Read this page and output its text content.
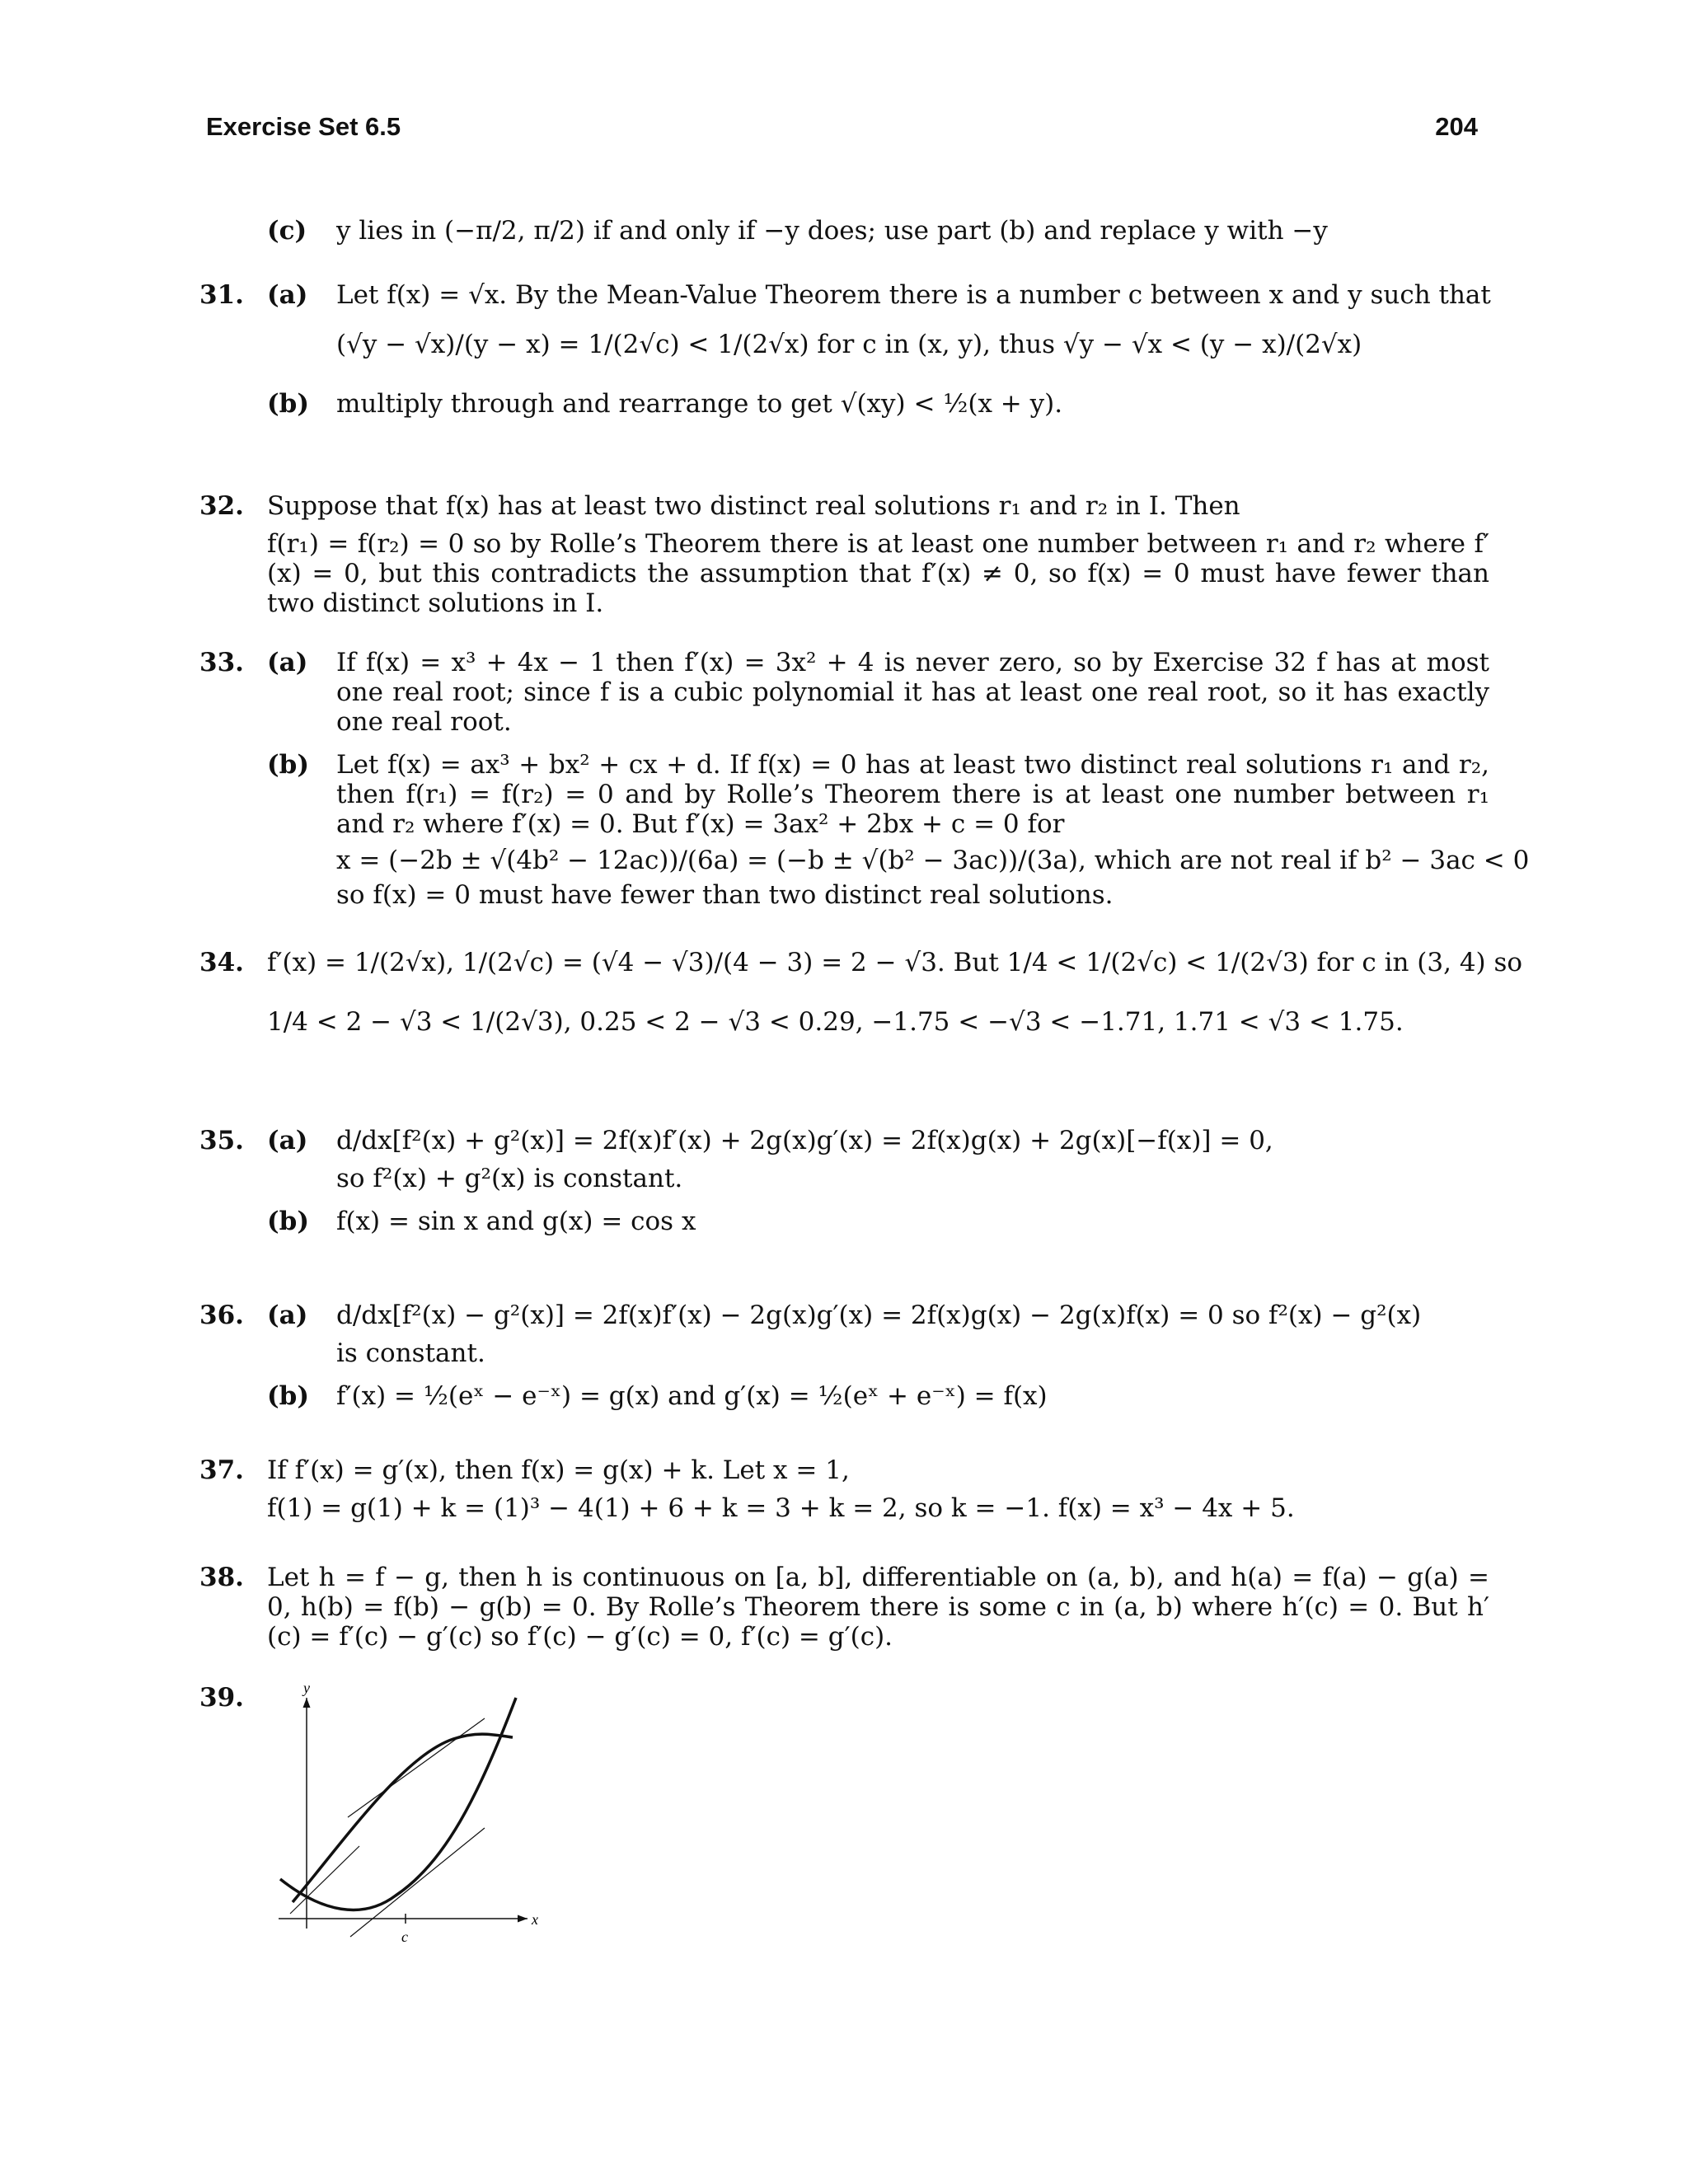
Exercise Set 6.5	204
(c) y lies in (−π/2, π/2) if and only if −y does; use part (b) and replace y with −y
31. (a) Let f(x) = √x. By the Mean-Value Theorem there is a number c between x and y such that
(√y − √x)/(y − x) = 1/(2√c) < 1/(2√x) for c in (x, y), thus √y − √x < (y − x)/(2√x)
(b) multiply through and rearrange to get √(xy) < ½(x + y).
32. Suppose that f(x) has at least two distinct real solutions r₁ and r₂ in I. Then
f(r₁) = f(r₂) = 0 so by Rolle’s Theorem there is at least one number between r₁ and r₂ where f′(x) = 0, but this contradicts the assumption that f′(x) ≠ 0, so f(x) = 0 must have fewer than two distinct solutions in I.
33. (a) If f(x) = x³ + 4x − 1 then f′(x) = 3x² + 4 is never zero, so by Exercise 32 f has at most one real root; since f is a cubic polynomial it has at least one real root, so it has exactly one real root.
(b) Let f(x) = ax³ + bx² + cx + d. If f(x) = 0 has at least two distinct real solutions r₁ and r₂, then f(r₁) = f(r₂) = 0 and by Rolle’s Theorem there is at least one number between r₁ and r₂ where f′(x) = 0. But f′(x) = 3ax² + 2bx + c = 0 for
x = (−2b ± √(4b² − 12ac))/(6a) = (−b ± √(b² − 3ac))/(3a), which are not real if b² − 3ac < 0
so f(x) = 0 must have fewer than two distinct real solutions.
34. f′(x) = 1/(2√x), 1/(2√c) = (√4 − √3)/(4 − 3) = 2 − √3. But 1/4 < 1/(2√c) < 1/(2√3) for c in (3, 4) so
1/4 < 2 − √3 < 1/(2√3), 0.25 < 2 − √3 < 0.29, −1.75 < −√3 < −1.71, 1.71 < √3 < 1.75.
35. (a) d/dx[f²(x) + g²(x)] = 2f(x)f′(x) + 2g(x)g′(x) = 2f(x)g(x) + 2g(x)[−f(x)] = 0,
so f²(x) + g²(x) is constant.
(b) f(x) = sin x and g(x) = cos x
36. (a) d/dx[f²(x) − g²(x)] = 2f(x)f′(x) − 2g(x)g′(x) = 2f(x)g(x) − 2g(x)f(x) = 0 so f²(x) − g²(x)
is constant.
(b) f′(x) = ½(eˣ − e⁻ˣ) = g(x) and g′(x) = ½(eˣ + e⁻ˣ) = f(x)
37. If f′(x) = g′(x), then f(x) = g(x) + k. Let x = 1,
f(1) = g(1) + k = (1)³ − 4(1) + 6 + k = 3 + k = 2, so k = −1. f(x) = x³ − 4x + 5.
38. Let h = f − g, then h is continuous on [a, b], differentiable on (a, b), and h(a) = f(a) − g(a) = 0, h(b) = f(b) − g(b) = 0. By Rolle’s Theorem there is some c in (a, b) where h′(c) = 0. But h′(c) = f′(c) − g′(c) so f′(c) − g′(c) = 0, f′(c) = g′(c).
39.	y
x
c
